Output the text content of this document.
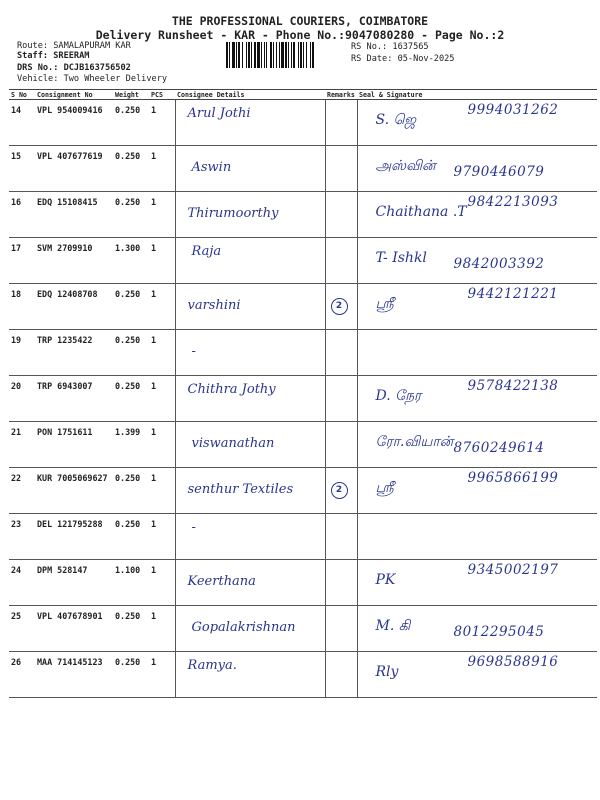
THE PROFESSIONAL COURIERS, COIMBATORE
Delivery Runsheet - KAR - Phone No.:9047080280 - Page No.:2
Route: SAMALAPURAM KAR
Staff: SREERAM
DRS No.: DCJB163756502
Vehicle: Two Wheeler Delivery
RS No.: 1637565
RS Date: 05-Nov-2025
S No	Consignment No	Weight	PCS	Consignee Details	Remarks	Seal & Signature
14	VPL 954009416	0.250	1	Arul Jothi		S. ஜெ
9994031262

15	VPL 407677619	0.250	1	Aswin		அஸ்வின் 9790446079

16	EDQ 15108415	0.250	1	Thirumoorthy		Chaithana .T
9842213093

17	SVM 2709910	1.300	1	Raja		T- Ishkl 9842003392

18	EDQ 12408708	0.250	1	varshini	2	ஸ்ரீ
9442121221

19	TRP 1235422	0.250	1	-		

20	TRP 6943007	0.250	1	Chithra Jothy		D. நேர
9578422138

21	PON 1751611	1.399	1	viswanathan		ரோ.வியான் 8760249614

22	KUR 7005069627	0.250	1	senthur Textiles	2	ஸ்ரீ
9965866199

23	DEL 121795288	0.250	1	-		

24	DPM 528147	1.100	1	Keerthana		PK
9345002197

25	VPL 407678901	0.250	1	Gopalakrishnan		M. கி 8012295045

26	MAA 714145123	0.250	1	Ramya.		Rly
9698588916
